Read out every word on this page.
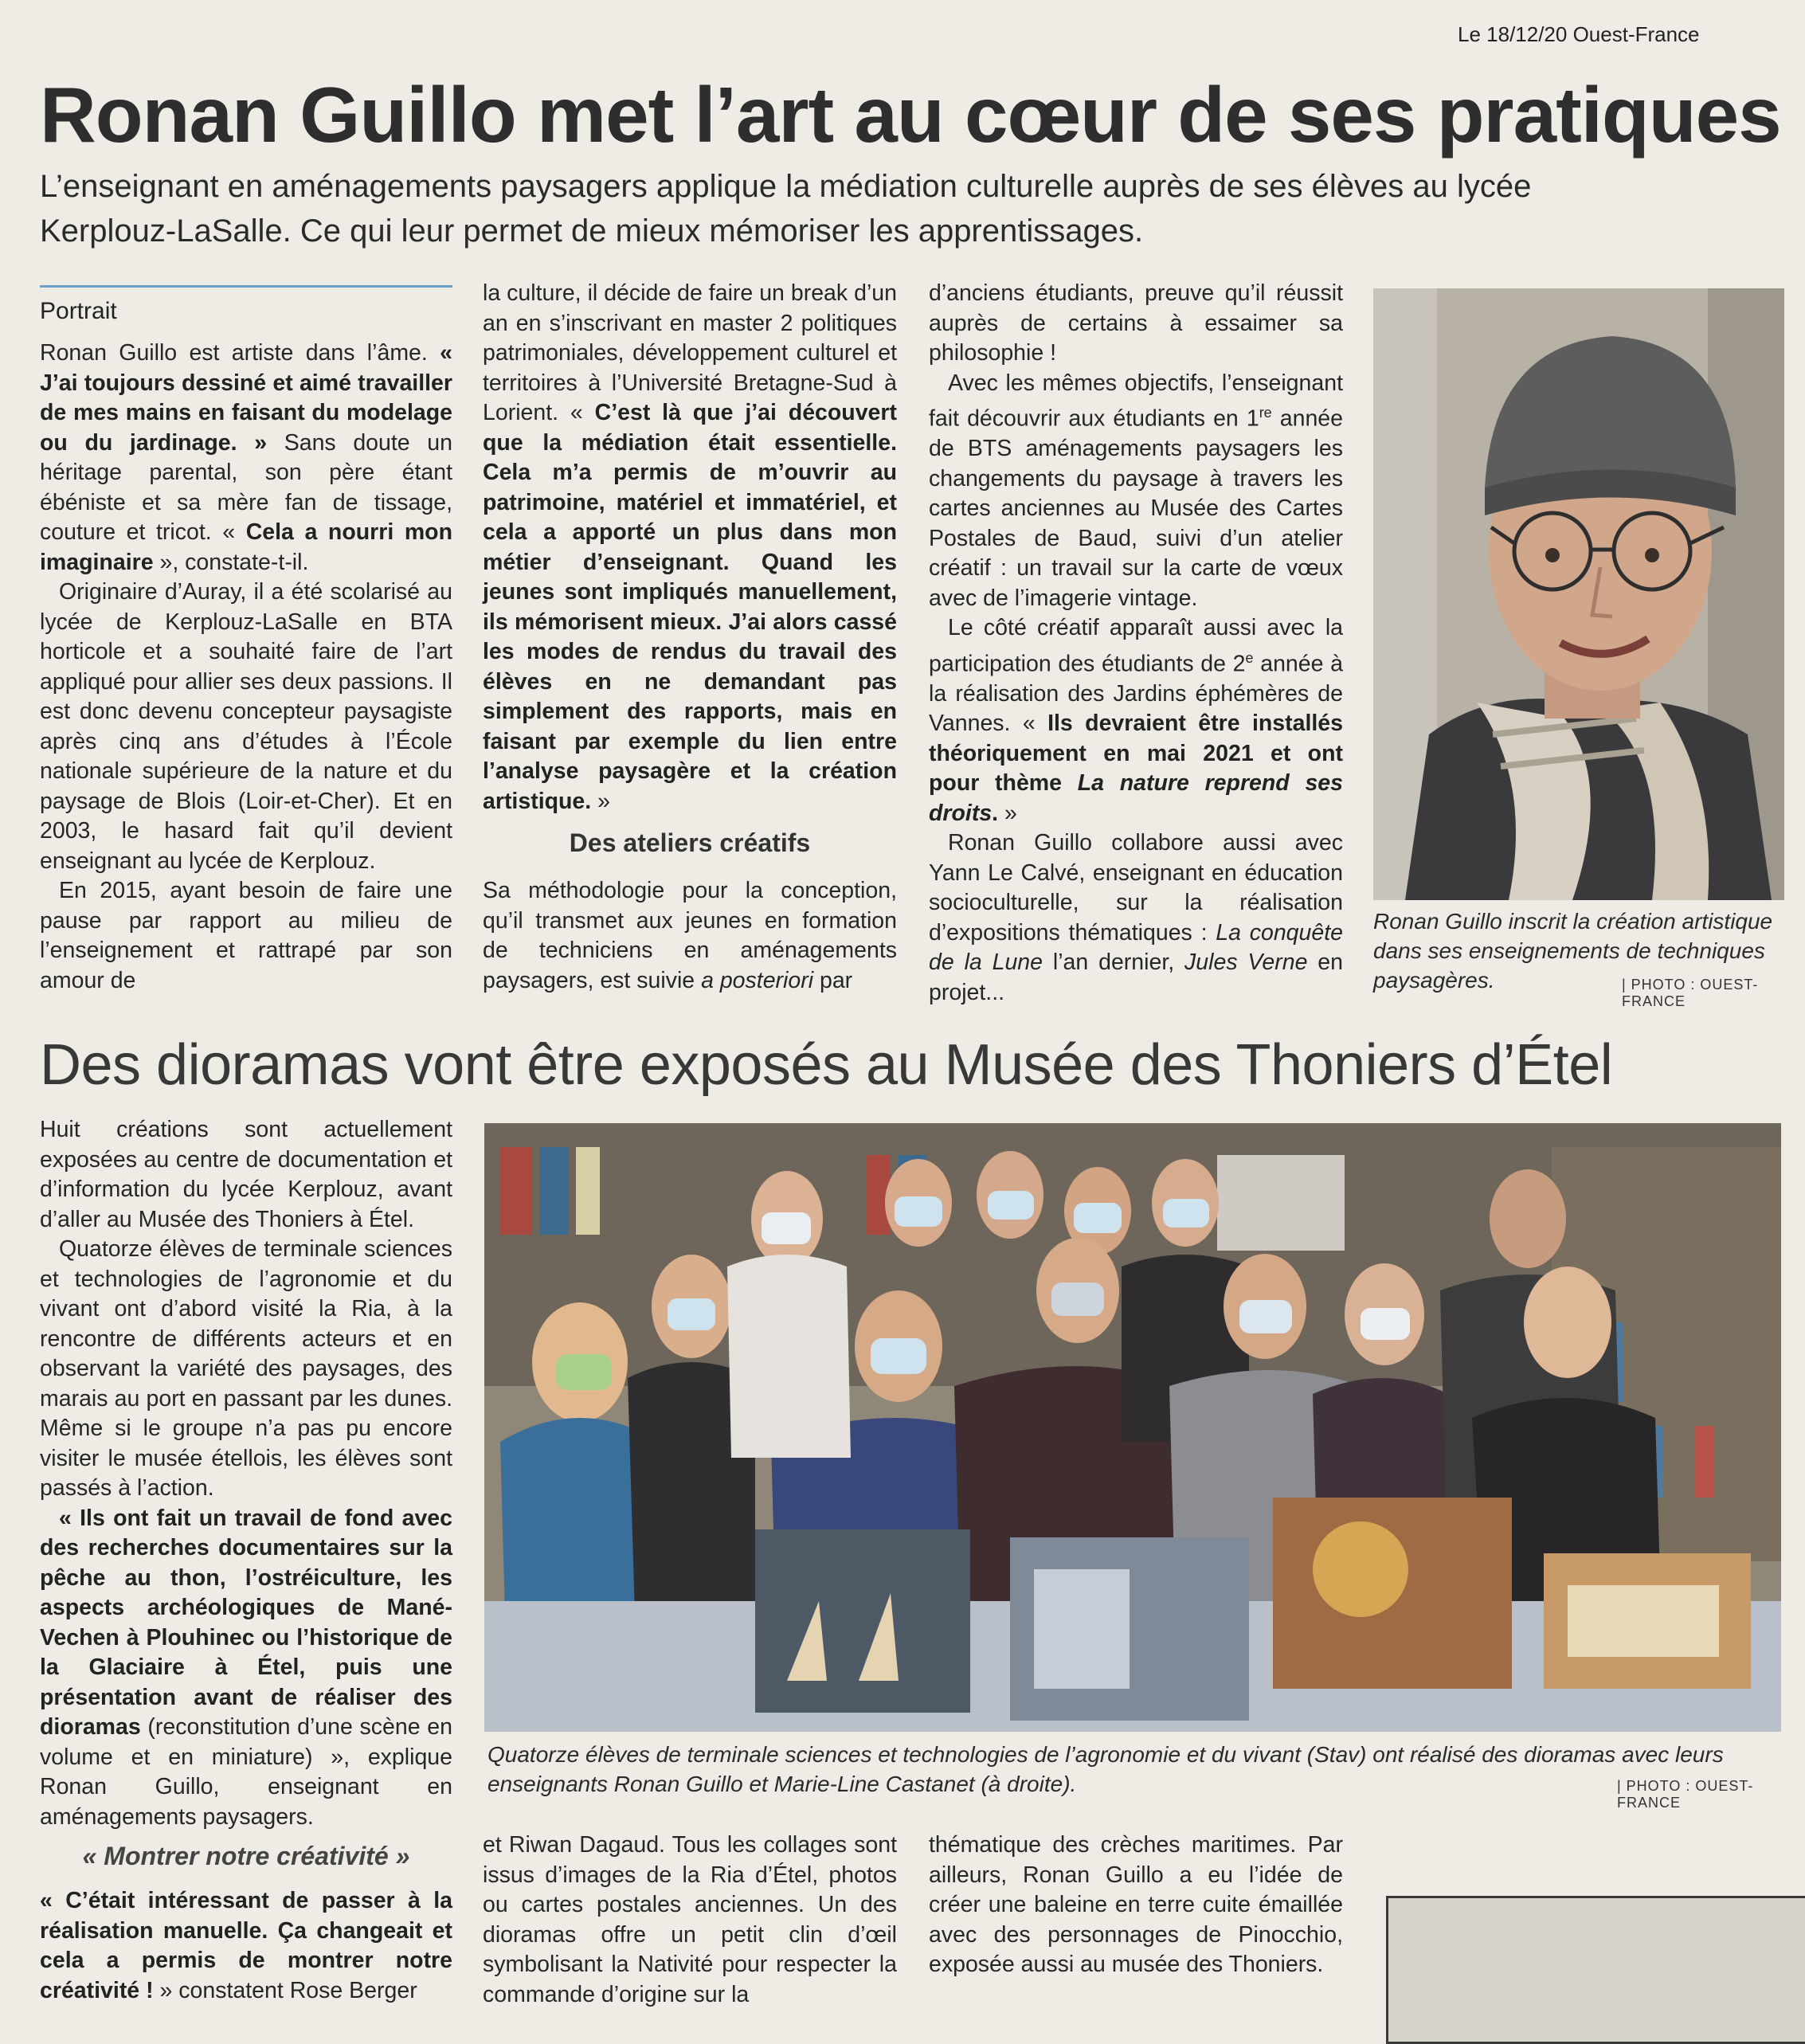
Le 18/12/20 Ouest-France
Ronan Guillo met l’art au cœur de ses pratiques
L’enseignant en aménagements paysagers applique la médiation culturelle auprès de ses élèves au lycée Kerplouz-LaSalle. Ce qui leur permet de mieux mémoriser les apprentissages.
Portrait

Ronan Guillo est artiste dans l’âme. « J’ai toujours dessiné et aimé travailler de mes mains en faisant du modelage ou du jardinage. » Sans doute un héritage parental, son père étant ébéniste et sa mère fan de tissage, couture et tricot. « Cela a nourri mon imaginaire », constate-t-il.

Originaire d’Auray, il a été scolarisé au lycée de Kerplouz-LaSalle en BTA horticole et a souhaité faire de l’art appliqué pour allier ses deux passions. Il est donc devenu concepteur paysagiste après cinq ans d’études à l’École nationale supérieure de la nature et du paysage de Blois (Loir-et-Cher). Et en 2003, le hasard fait qu’il devient enseignant au lycée de Kerplouz.

En 2015, ayant besoin de faire une pause par rapport au milieu de l’enseignement et rattrapé par son amour de

la culture, il décide de faire un break d’un an en s’inscrivant en master 2 politiques patrimoniales, développement culturel et territoires à l’Université Bretagne-Sud à Lorient. « C’est là que j’ai découvert que la médiation était essentielle. Cela m’a permis de m’ouvrir au patrimoine, matériel et immatériel, et cela a apporté un plus dans mon métier d’enseignant. Quand les jeunes sont impliqués manuellement, ils mémorisent mieux. J’ai alors cassé les modes de rendus du travail des élèves en ne demandant pas simplement des rapports, mais en faisant par exemple du lien entre l’analyse paysagère et la création artistique. »

Des ateliers créatifs

Sa méthodologie pour la conception, qu’il transmet aux jeunes en formation de techniciens en aménagements paysagers, est suivie a posteriori par

d’anciens étudiants, preuve qu’il réussit auprès de certains à essaimer sa philosophie !

Avec les mêmes objectifs, l’enseignant fait découvrir aux étudiants en 1re année de BTS aménagements paysagers les changements du paysage à travers les cartes anciennes au Musée des Cartes Postales de Baud, suivi d’un atelier créatif : un travail sur la carte de vœux avec de l’imagerie vintage.

Le côté créatif apparaît aussi avec la participation des étudiants de 2e année à la réalisation des Jardins éphémères de Vannes. « Ils devraient être installés théoriquement en mai 2021 et ont pour thème La nature reprend ses droits. »

Ronan Guillo collabore aussi avec Yann Le Calvé, enseignant en éducation socioculturelle, sur la réalisation d’expositions thématiques : La conquête de la Lune l’an dernier, Jules Verne en projet...

Ronan Guillo inscrit la création artistique dans ses enseignements de techniques paysagères.	| PHOTO : OUEST-FRANCE
Des dioramas vont être exposés au Musée des Thoniers d’Étel

Huit créations sont actuellement exposées au centre de documentation et d’information du lycée Kerplouz, avant d’aller au Musée des Thoniers à Étel.

Quatorze élèves de terminale sciences et technologies de l’agronomie et du vivant ont d’abord visité la Ria, à la rencontre de différents acteurs et en observant la variété des paysages, des marais au port en passant par les dunes. Même si le groupe n’a pas pu encore visiter le musée étellois, les élèves sont passés à l’action.

« Ils ont fait un travail de fond avec des recherches documentaires sur la pêche au thon, l’ostréiculture, les aspects archéologiques de Mané-Vechen à Plouhinec ou l’historique de la Glaciaire à Étel, puis une présentation avant de réaliser des dioramas (reconstitution d’une scène en volume et en miniature) », explique Ronan Guillo, enseignant en aménagements paysagers.

« Montrer notre créativité »

« C’était intéressant de passer à la réalisation manuelle. Ça changeait et cela a permis de montrer notre créativité ! » constatent Rose Berger

Quatorze élèves de terminale sciences et technologies de l’agronomie et du vivant (Stav) ont réalisé des dioramas avec leurs enseignants Ronan Guillo et Marie-Line Castanet (à droite).	| PHOTO : OUEST-FRANCE

et Riwan Dagaud. Tous les collages sont issus d’images de la Ria d’Étel, photos ou cartes postales anciennes. Un des dioramas offre un petit clin d’œil symbolisant la Nativité pour respecter la commande d’origine sur la

thématique des crèches maritimes. Par ailleurs, Ronan Guillo a eu l’idée de créer une baleine en terre cuite émaillée avec des personnages de Pinocchio, exposée aussi au musée des Thoniers.
